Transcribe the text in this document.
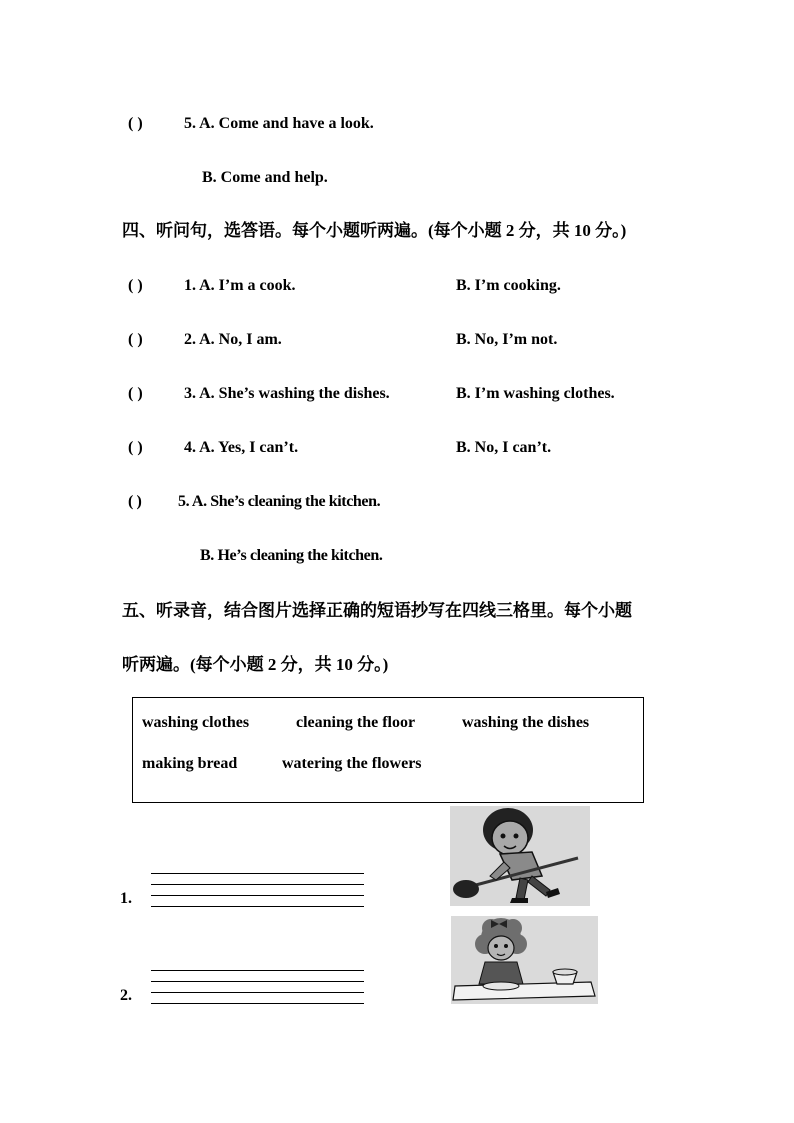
( )	5. A. Come and have a look.
B. Come and help.
四、听问句，选答语。每个小题听两遍。(每个小题 2 分，共 10 分。)
( )	1. A. I’m a cook.	B. I’m cooking.
( )	2. A. No, I am.	B. No, I’m not.
( )	3. A. She’s washing the dishes.	B. I’m washing clothes.
( )	4. A. Yes, I can’t.	B. No, I can’t.
( ) 5. A. She’s cleaning the kitchen.
B. He’s cleaning the kitchen.
五、听录音，结合图片选择正确的短语抄写在四线三格里。每个小题
听两遍。(每个小题 2 分，共 10 分。)
washing clothes	cleaning the floor	washing the dishes
making bread	watering the flowers
1.
2.
